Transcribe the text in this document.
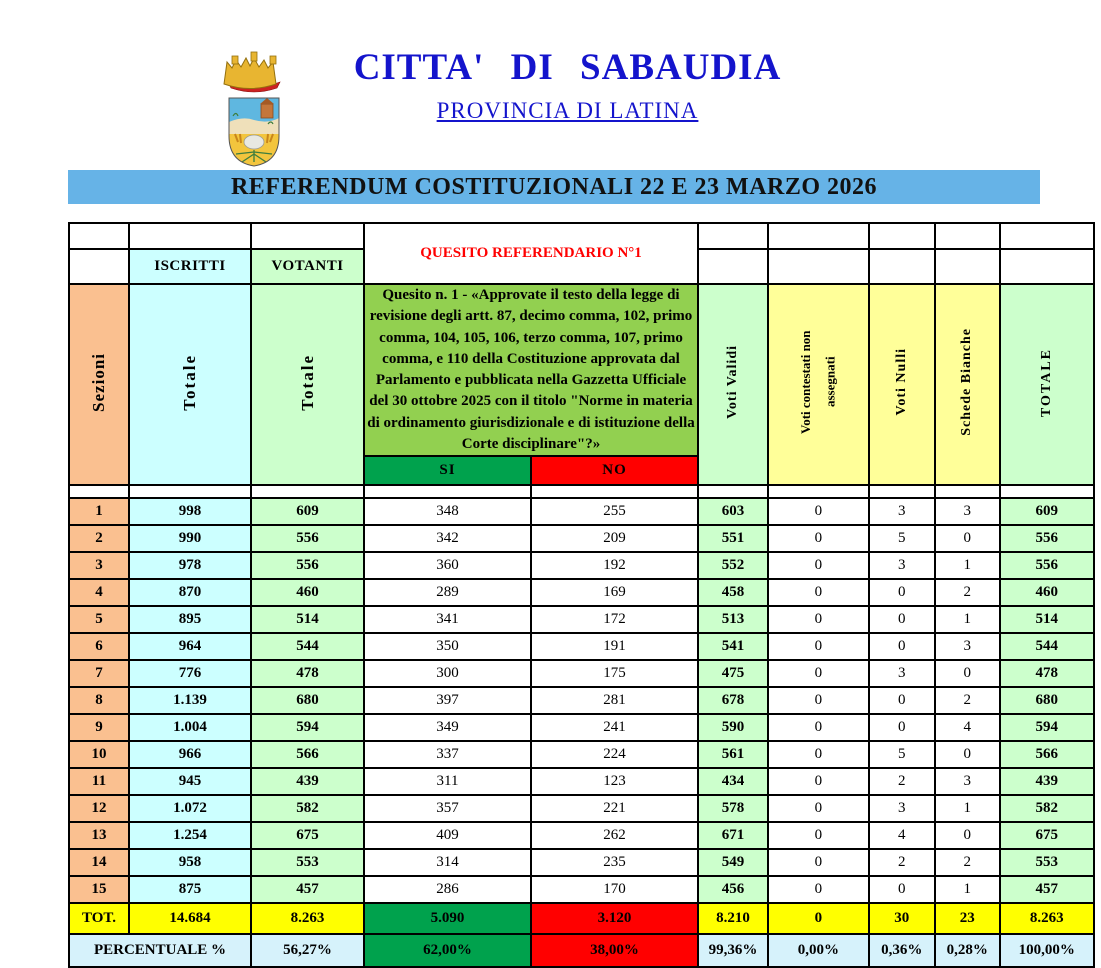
CITTA' DI SABAUDIA
PROVINCIA DI LATINA
REFERENDUM COSTITUZIONALI 22 E 23 MARZO 2026
			QUESITO REFERENDARIO N°1						
	ISCRITTI	VOTANTI							
Sezioni	Totale	Totale	Quesito n. 1 - «Approvate il testo della legge di revisione degli artt. 87, decimo comma, 102, primo comma, 104, 105, 106, terzo comma, 107, primo comma, e 110 della Costituzione approvata dal Parlamento e pubblicata nella Gazzetta Ufficiale del 30 ottobre 2025 con il titolo "Norme in materia di ordinamento giurisdizionale e di istituzione della Corte disciplinare"?»		Voti Validi	Voti contestati non assegnati	Voti Nulli	Schede Bianche	TOTALE
			SI	NO					

1	998	609	348	255	603	0	3	3	609
2	990	556	342	209	551	0	5	0	556
3	978	556	360	192	552	0	3	1	556
4	870	460	289	169	458	0	0	2	460
5	895	514	341	172	513	0	0	1	514
6	964	544	350	191	541	0	0	3	544
7	776	478	300	175	475	0	3	0	478
8	1.139	680	397	281	678	0	0	2	680
9	1.004	594	349	241	590	0	0	4	594
10	966	566	337	224	561	0	5	0	566
11	945	439	311	123	434	0	2	3	439
12	1.072	582	357	221	578	0	3	1	582
13	1.254	675	409	262	671	0	4	0	675
14	958	553	314	235	549	0	2	2	553
15	875	457	286	170	456	0	0	1	457
TOT.	14.684	8.263	5.090	3.120	8.210	0	30	23	8.263
PERCENTUALE %		56,27%	62,00%	38,00%	99,36%	0,00%	0,36%	0,28%	100,00%
